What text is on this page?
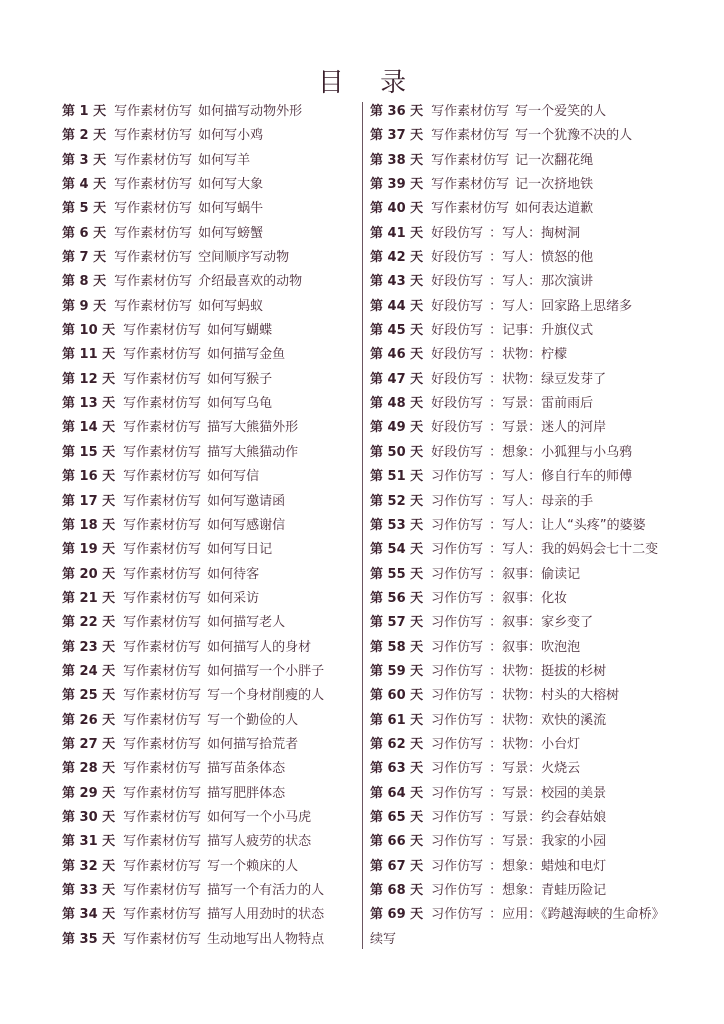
目 录
第 1 天 写作素材仿写 如何描写动物外形
第 2 天 写作素材仿写 如何写小鸡
第 3 天 写作素材仿写如何写羊
第 4 天 写作素材仿写 如何写大象
第 5 天 写作素材仿写 如何写蜗牛
第 6 天 写作素材仿写 如何写螃蟹
第 7 天 写作素材仿写 空间顺序写动物
第 8 天 写作素材仿写 介绍最喜欢的动物
第 9 天 写作素材仿写 如何写蚂蚁
第 10 天 写作素材仿写 如何写蝴蝶
第 11 天 写作素材仿写 如何描写金鱼
第 12 天 写作素材仿写 如何写猴子
第 13 天 写作素材仿写 如何写乌龟
第 14 天 写作素材仿写 描写大熊猫外形
第 15 天 写作素材仿写 描写大熊猫动作
第 16 天 写作素材仿写 如何写信
第 17 天 写作素材仿写 如何写邀请函
第 18 天 写作素材仿写 如何写感谢信
第 19 天 写作素材仿写 如何写日记
第 20 天 写作素材仿写 如何待客
第 21 天 写作素材仿写 如何采访
第 22 天 写作素材仿写 如何描写老人
第 23 天 写作素材仿写 如何描写人的身材
第 24 天 写作素材仿写 如何描写一个小胖子
第 25 天 写作素材仿写 写一个身材削瘦的人
第 26 天 写作素材仿写 写一个勤俭的人
第 27 天 写作素材仿写 如何描写拾荒者
第 28 天 写作素材仿写 描写苗条体态
第 29 天 写作素材仿写 描写肥胖体态
第 30 天 写作素材仿写 如何写一个小马虎
第 31 天 写作素材仿写 描写人疲劳的状态
第 32 天 写作素材仿写 写一个赖床的人
第 33 天 写作素材仿写 描写一个有活力的人
第 34 天 写作素材仿写 描写人用劲时的状态
第 35 天 写作素材仿写 生动地写出人物特点
第 36 天 写作素材仿写 写一个爱笑的人
第 37 天 写作素材仿写 写一个犹豫不决的人
第 38 天 写作素材仿写 记一次翻花绳
第 39 天 写作素材仿写 记一次挤地铁
第 40 天 写作素材仿写 如何表达道歉
第 41 天 好段仿写 ：写人：掏树洞
第 42 天 好段仿写 ：写人：愤怒的他
第 43 天 好段仿写 ：写人：那次演讲
第 44 天 好段仿写 ：写人：回家路上思绪多
第 45 天 好段仿写 ：记事：升旗仪式
第 46 天 好段仿写 ：状物：柠檬
第 47 天 好段仿写 ：状物：绿豆发芽了
第 48 天 好段仿写 ：写景：雷前雨后
第 49 天 好段仿写 ：写景：迷人的河岸
第 50 天 好段仿写 ：想象：小狐狸与小乌鸦
第 51 天 习作仿写 ：写人：修自行车的师傅
第 52 天 习作仿写 ：写人：母亲的手
第 53 天 习作仿写 ：写人：让人“头疼”的婆婆
第 54 天 习作仿写 ：写人：我的妈妈会七十二变
第 55 天 习作仿写 ：叙事：偷读记
第 56 天 习作仿写 ：叙事：化妆
第 57 天 习作仿写 ：叙事：家乡变了
第 58 天 习作仿写 ：叙事：吹泡泡
第 59 天 习作仿写 ：状物：挺拔的杉树
第 60 天 习作仿写 ：状物：村头的大榕树
第 61 天 习作仿写 ：状物：欢快的溪流
第 62 天 习作仿写 ：状物：小台灯
第 63 天 习作仿写 ：写景：火烧云
第 64 天 习作仿写 ：写景：校园的美景
第 65 天 习作仿写 ：写景：约会春姑娘
第 66 天 习作仿写 ：写景：我家的小园
第 67 天 习作仿写 ：想象：蜡烛和电灯
第 68 天 习作仿写 ：想象：青蛙历险记
第 69 天 习作仿写 ：应用：《跨越海峡的生命桥》
续写
